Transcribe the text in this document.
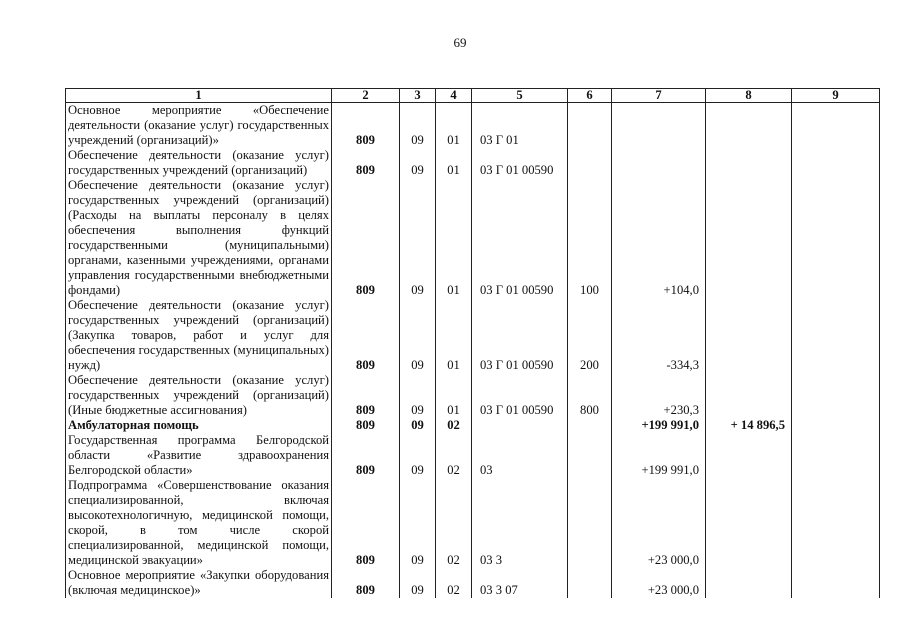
69
1	2	3	4	5	6	7	8	9
Основное мероприятие «Обеспечение деятельности (оказание услуг) государственных учреждений (организаций)»	809	09	01	03 Г 01				
Обеспечение деятельности (оказание услуг) государственных учреждений (организаций)	809	09	01	03 Г 01 00590				
Обеспечение деятельности (оказание услуг) государственных учреждений (организаций) (Расходы на выплаты персоналу в целях обеспечения выполнения функций государственными (муниципальными) органами, казенными учреждениями, органами управления государственными внебюджетными фондами)	809	09	01	03 Г 01 00590	100	+104,0		
Обеспечение деятельности (оказание услуг) государственных учреждений (организаций) (Закупка товаров, работ и услуг для обеспечения государственных (муниципальных) нужд)	809	09	01	03 Г 01 00590	200	-334,3		
Обеспечение деятельности (оказание услуг) государственных учреждений (организаций) (Иные бюджетные ассигнования)	809	09	01	03 Г 01 00590	800	+230,3		
Амбулаторная помощь	809	09	02			+199 991,0	+ 14 896,5	
Государственная программа Белгородской области «Развитие здравоохранения Белгородской области»	809	09	02	03		+199 991,0		
Подпрограмма «Совершенствование оказания специализированной, включая высокотехнологичную, медицинской помощи, скорой, в том числе скорой специализированной, медицинской помощи, медицинской эвакуации»	809	09	02	03 3		+23 000,0		
Основное мероприятие «Закупки оборудования (включая медицинское)»	809	09	02	03 3 07		+23 000,0		
